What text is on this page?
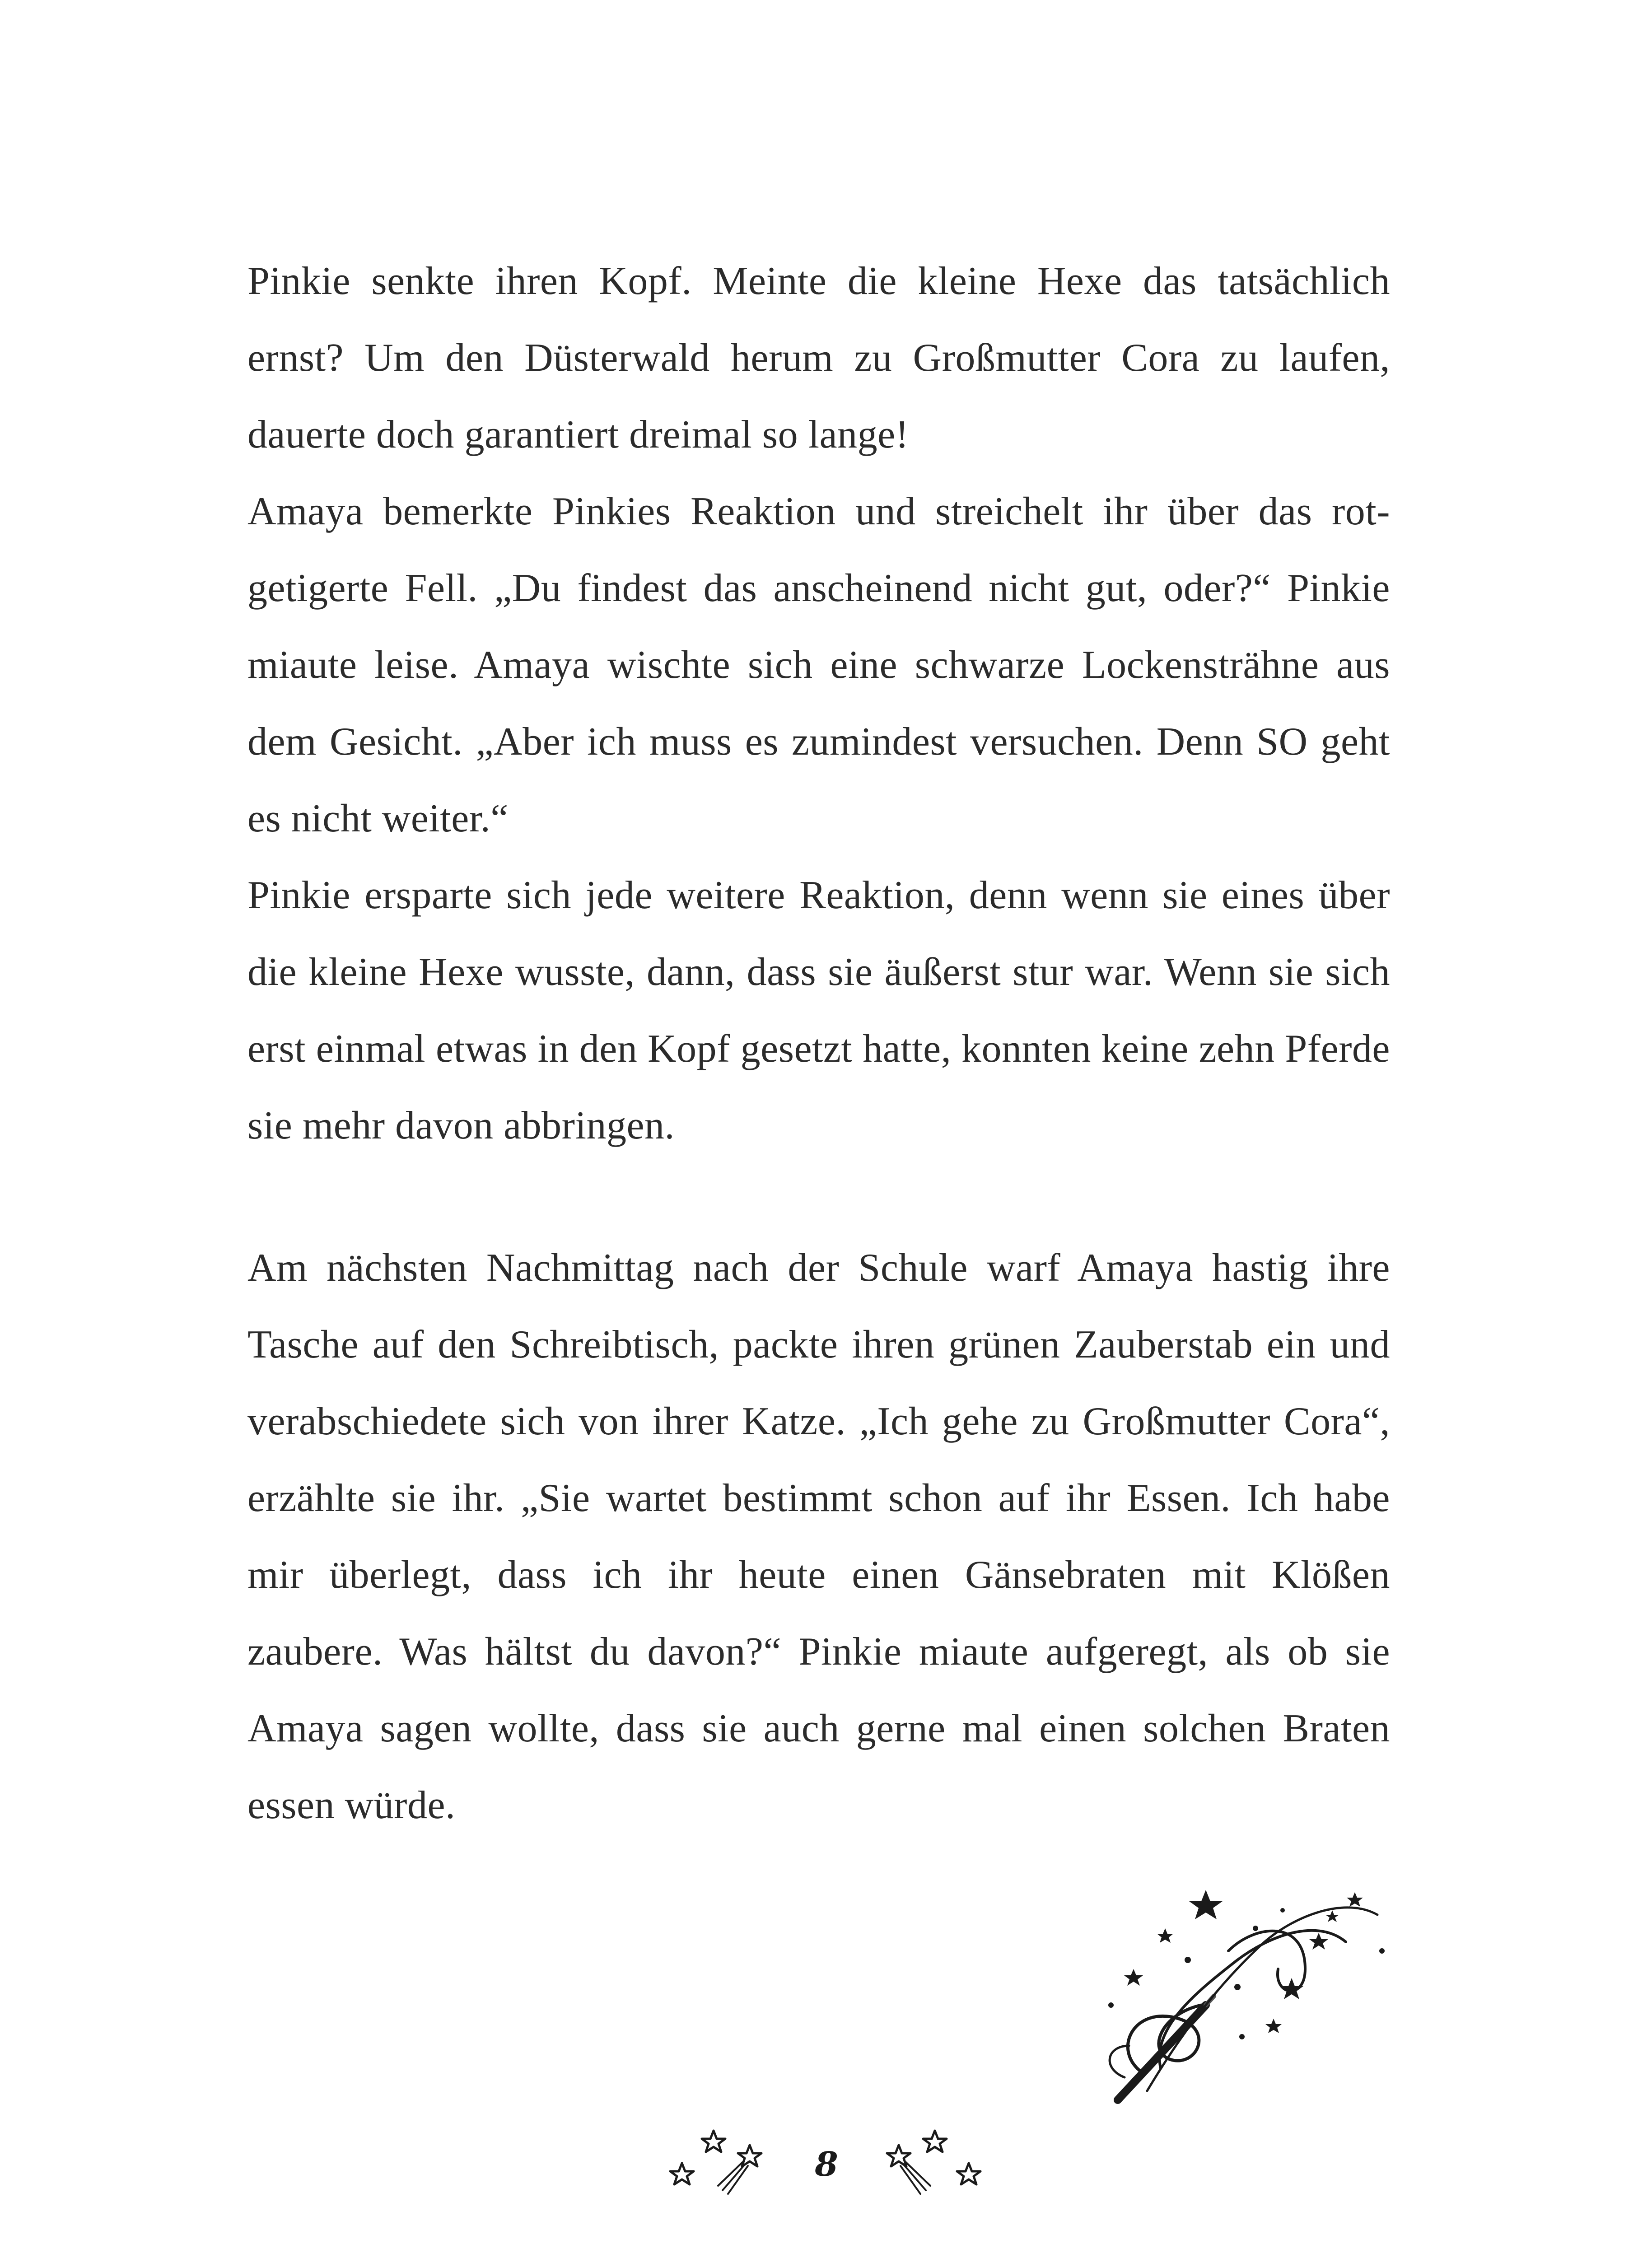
Pinkie senkte ihren Kopf. Meinte die kleine Hexe das tatsächlich ernst? Um den Düsterwald herum zu Großmutter Cora zu laufen, dauerte doch garantiert dreimal so lange!

Amaya bemerkte Pinkies Reaktion und streichelt ihr über das rot-getigerte Fell. „Du findest das anscheinend nicht gut, oder?“ Pinkie miaute leise. Amaya wischte sich eine schwarze Lockensträhne aus dem Gesicht. „Aber ich muss es zumindest versuchen. Denn SO geht es nicht weiter.“

Pinkie ersparte sich jede weitere Reaktion, denn wenn sie eines über die kleine Hexe wusste, dann, dass sie äußerst stur war. Wenn sie sich erst einmal etwas in den Kopf gesetzt hatte, konnten keine zehn Pferde sie mehr davon abbringen.

Am nächsten Nachmittag nach der Schule warf Amaya hastig ihre Tasche auf den Schreibtisch, packte ihren grünen Zauberstab ein und verabschiedete sich von ihrer Katze. „Ich gehe zu Großmutter Cora“, erzählte sie ihr. „Sie wartet bestimmt schon auf ihr Essen. Ich habe mir überlegt, dass ich ihr heute einen Gänsebraten mit Klößen zaubere. Was hältst du davon?“ Pinkie miaute aufgeregt, als ob sie Amaya sagen wollte, dass sie auch gerne mal einen solchen Braten essen würde.

8
